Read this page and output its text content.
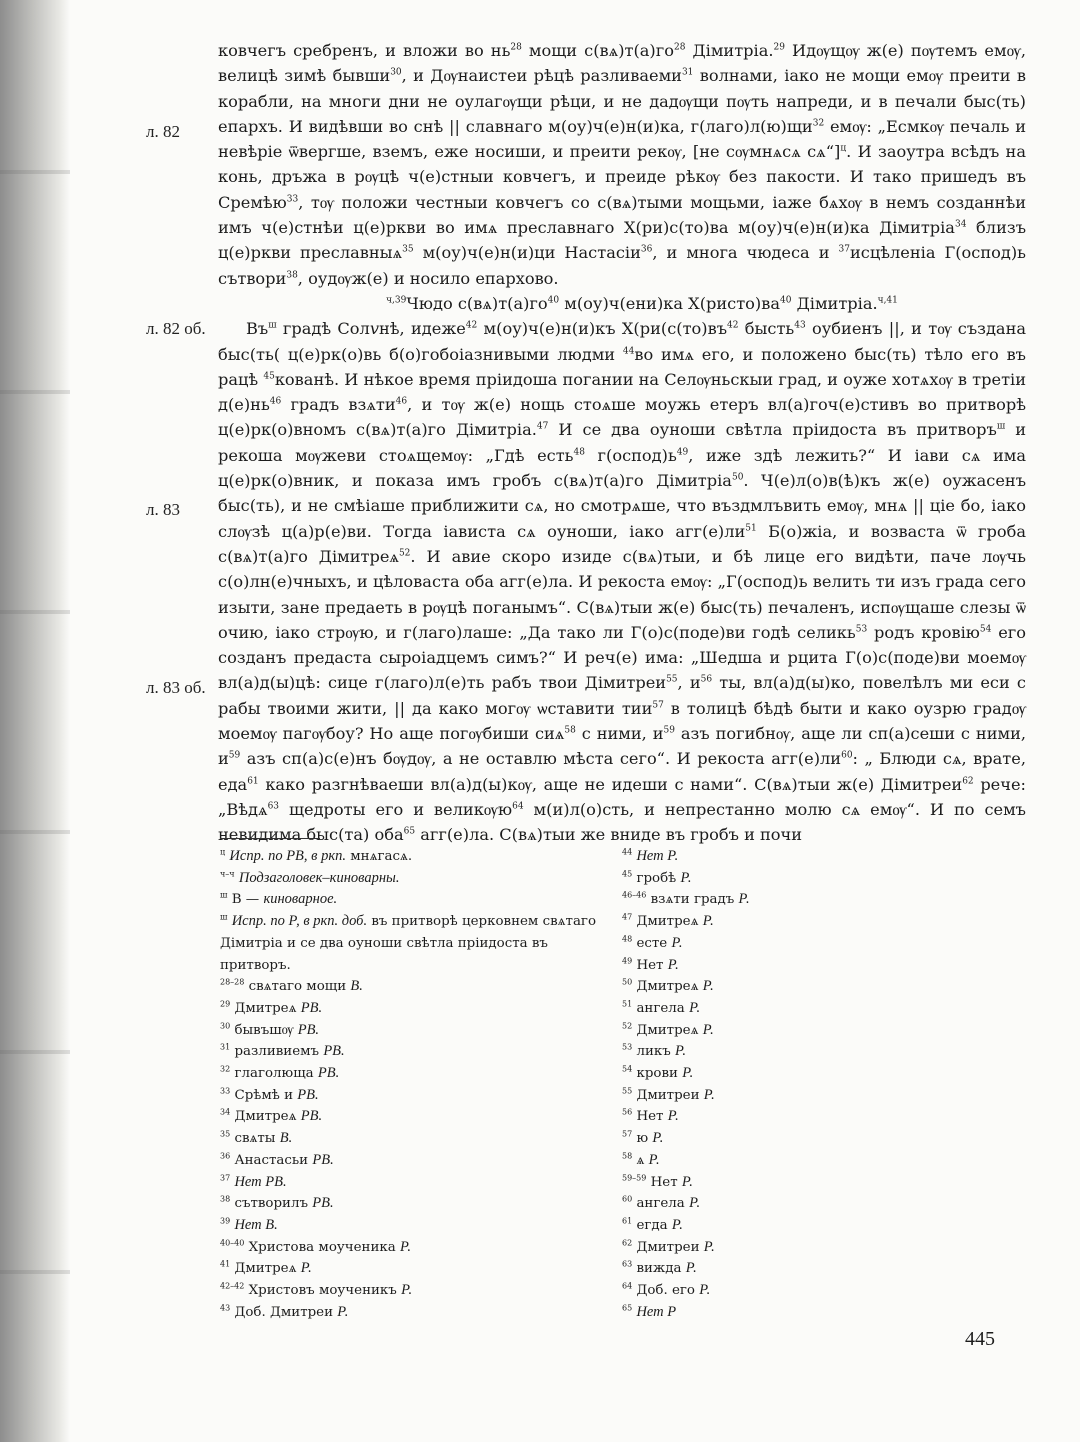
ковчегъ сребренъ, и вложи во $нь^{28}$ мощи $с(вѧ)т(а)го^{28}$ Дімитріа.$^{29}$ Идѹщѹ ж(е) пѹтемъ емѹ, велицѣ зимѣ бывши$^{30}$, и Дѹнаистеи рѣцѣ разливаеми$^{31}$ волнами, іако не мощи емѹ преити в корабли, на многи дни не оулагѹщи рѣци, и не дадѹщи пѹть напреди, и в печали быс(ть) епархъ. И видѣвши во снѣ || славнаго м(оу)ч(е)н(и)ка, $г(лаго)л(ю)щи^{32}$ емѹ: „Есмкѹ печаль и невѣріе ѿвергше, вземъ, еже носиши, и преити рекѹ, [не сѹмнѧсѧ сѧ“]$^ц$. И заоутра всѣдъ на конь, дръжа в рѹцѣ ч(е)стныи ковчегъ, и преиде рѣкѹ без пакости. И тако пришедъ въ Сремѣю$^{33}$, тѹ положи честныи ковчегъ со с(вѧ)тыми мощьми, іаже бѧхѹ в немъ созданнѣи имъ ч(е)стнѣи ц(е)ркви во имѧ преславнаго Х(ри)с(то)ва м(оу)ч(е)н(и)ка Дімитріа$^{34}$ близъ ц(е)ркви преславныѧ$^{35}$ м(оу)ч(е)н(и)ци Настасіи$^{36}$, и многа чюдеса и $^{37}$исцѣленіа Г(оспод)ь сътвори$^{38}$, оудѹж(е) и носило епархово.

$^{ч,39}$Чюдо $с(вѧ)т(а)го^{40}$ м(оу)ч(ени)ка $Х(ристо)ва^{40}$ Дімитріа.$^{ч,41}$

$Въ^ш$ градѣ Сол𝑣нѣ, идеже$^{42}$ м(оу)ч(е)н(и)къ $Х(ри(с(то)въ^{42}$ бысть$^{43}$ оубиенъ ||, и тѹ създана быс(ть( ц(е)рк(о)вь б(о)гобоіазнивыми людми $^{44}$во имѧ его, и положено быс(ть) тѣло его въ рацѣ $^{45}$кованѣ. И нѣкое время пріидоша погании на Селѹньскыи град, и оуже хотѧхѹ в третіи $д(е)нь^{46}$ градъ взѧти$^{46}$, и тѹ ж(е) нощь стоѧше моужь етеръ вл(а)гоч(е)стивъ во притворѣ ц(е)рк(о)вномъ с(вѧ)т(а)го Дімитріа.$^{47}$ И се два оуноши свѣтла пріидоста въ притворъ$^ш$ и рекоша мѹжеви стоѧщемѹ: „Гдѣ есть$^{48}$ $г(оспод)ь^{49}$, иже здѣ лежить?“ И іави сѧ има ц(е)рк(о)вник, и показа имъ гробъ с(вѧ)т(а)го Дімитріа$^{50}$. Ч(е)л(о)в(ѣ)къ ж(е) оужасенъ быс(ть), и не смѣіаше приближити сѧ, но смотрѧше, что въздмлъвить емѹ, мнѧ || ціе бо, іако слѹзѣ ц(а)р(е)ви. Тогда іависта сѧ оуноши, іако $агг(е)ли^{51}$ Б(о)жіа, и возваста ѿ гроба с(вѧ)т(а)го Дімитреѧ$^{52}$. И авие скоро изиде с(вѧ)тыи, и бѣ лице его видѣти, паче лѹчь с(о)лн(е)чныхъ, и цѣловаста оба агг(е)ла. И рекоста емѹ: „Г(оспод)ь велить ти изъ града сего изыти, зане предаеть в рѹцѣ поганымъ“. С(вѧ)тыи ж(е) быс(ть) печаленъ, испѹщаше слезы ѿ очию, іако стрѹю, и г(лаго)лаше: „Да тако ли Г(о)с(поде)ви годѣ селикь$^{53}$ родъ кровію$^{54}$ его созданъ предаста сыроіадцемъ симъ?“ И реч(е) има: „Шедша и рцита Г(о)с(поде)ви моемѹ вл(а)д(ы)цѣ: сице г(лаго)л(е)ть рабъ твои Дімитреи$^{55}$, $и^{56}$ ты, вл(а)д(ы)ко, повелѣлъ ми еси с рабы твоими жити, || да како могѹ ѡставити тии$^{57}$ в толицѣ бѣдѣ быти и како оузрю градѹ моемѹ пагѹбоу? Но аще погѹбиши сиѧ$^{58}$ с ними, $и^{59}$ азъ погибнѹ, аще ли сп(а)сеши с ними, $и^{59}$ азъ сп(а)с(е)нъ бѹдѹ, а не оставлю мѣста сего“. И рекоста $агг(е)ли^{60}$: „ Блюди сѧ, врате, еда$^{61}$ како разгнѣваеши вл(а)д(ы)кѹ, аще не идеши с нами“. С(вѧ)тыи ж(е) Дімитреи$^{62}$ рече: „Вѣдѧ$^{63}$ щедроты его и великѹю$^{64}$ м(и)л(о)сть, и непрестанно молю сѧ емѹ“. И по семъ невидима быс(та) оба$^{65}$ агг(е)ла. С(вѧ)тыи же вниде въ гробъ и почи

л. 82
л. 82 об.
л. 83
л. 83 об.
$^ц$ Испр. по РВ, в ркп. мнѧгасѧ.
$^{ч-ч}$ Подзаголовек–киноварны.
$^ш$ В — киноварное.
$^ш$ Испр. по Р, в ркп. доб. въ притворѣ церковнем свѧтаго Дімитріа и се два оуноши свѣтла пріидоста въ притворъ.
$^{28-28}$ свѧтаго мощи В.
$^{29}$ Дмитреѧ РВ.
$^{30}$ бывъшѹ РВ.
$^{31}$ разливиемъ РВ.
$^{32}$ глаголюща РВ.
$^{33}$ Срѣмѣ и РВ.
$^{34}$ Дмитреѧ РВ.
$^{35}$ свѧты В.
$^{36}$ Анастасьи РВ.
$^{37}$ Нет РВ.
$^{38}$ сътворилъ РВ.
$^{39}$ Нет В.
$^{40-40}$ Христова моученика Р.
$^{41}$ Дмитреѧ Р.
$^{42-42}$ Христовъ моученикъ Р.
$^{43}$ Доб. Дмитреи Р.
$^{44}$ Нет Р.
$^{45}$ гробѣ Р.
$^{46-46}$ взѧти градъ Р.
$^{47}$ Дмитреѧ Р.
$^{48}$ есте Р.
$^{49}$ Нет Р.
$^{50}$ Дмитреѧ Р.
$^{51}$ ангела Р.
$^{52}$ Дмитреѧ Р.
$^{53}$ ликъ Р.
$^{54}$ крови Р.
$^{55}$ Дмитреи Р.
$^{56}$ Нет Р.
$^{57}$ ю Р.
$^{58}$ ѧ Р.
$^{59-59}$ Нет Р.
$^{60}$ ангела Р.
$^{61}$ егда Р.
$^{62}$ Дмитреи Р.
$^{63}$ вижда Р.
$^{64}$ Доб. его Р.
$^{65}$ Нет Р
445
